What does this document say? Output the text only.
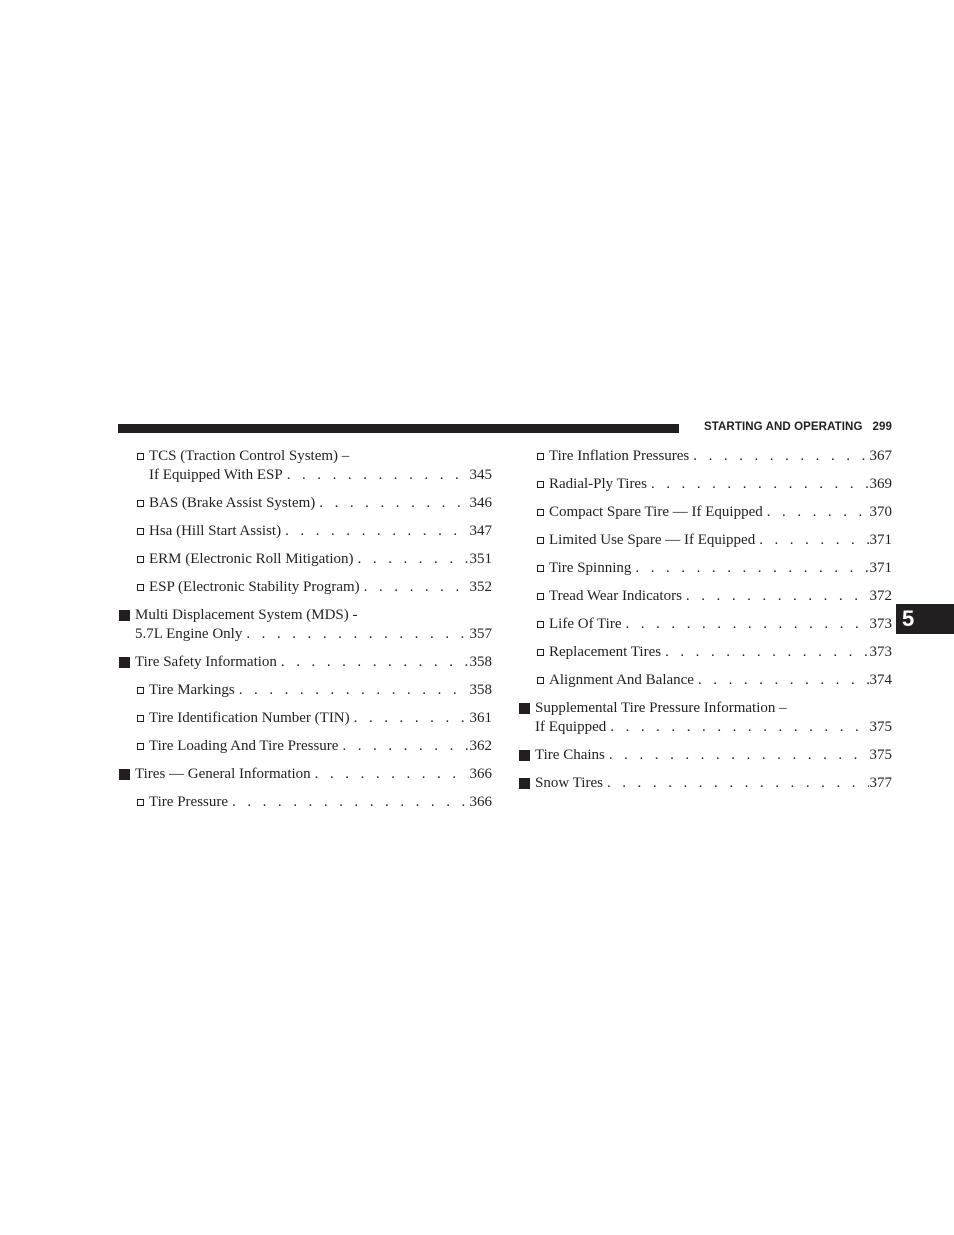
STARTING AND OPERATING 299
5
TCS (Traction Control System) –
If Equipped With ESP . . .	345
BAS (Brake Assist System) . . .	346
Hsa (Hill Start Assist) . . .	347
ERM (Electronic Roll Mitigation) . . .	351
ESP (Electronic Stability Program) . . .	352
Multi Displacement System (MDS) -
5.7L Engine Only . . .	357
Tire Safety Information . . .	358
Tire Markings . . .	358
Tire Identification Number (TIN) . . .	361
Tire Loading And Tire Pressure . . .	362
Tires — General Information . . .	366
Tire Pressure . . .	366
Tire Inflation Pressures . . .	367
Radial-Ply Tires . . .	369
Compact Spare Tire — If Equipped . . .	370
Limited Use Spare — If Equipped . . .	371
Tire Spinning . . .	371
Tread Wear Indicators . . .	372
Life Of Tire . . .	373
Replacement Tires . . .	373
Alignment And Balance . . .	374
Supplemental Tire Pressure Information –
If Equipped . . .	375
Tire Chains . . .	375
Snow Tires . . .	377
